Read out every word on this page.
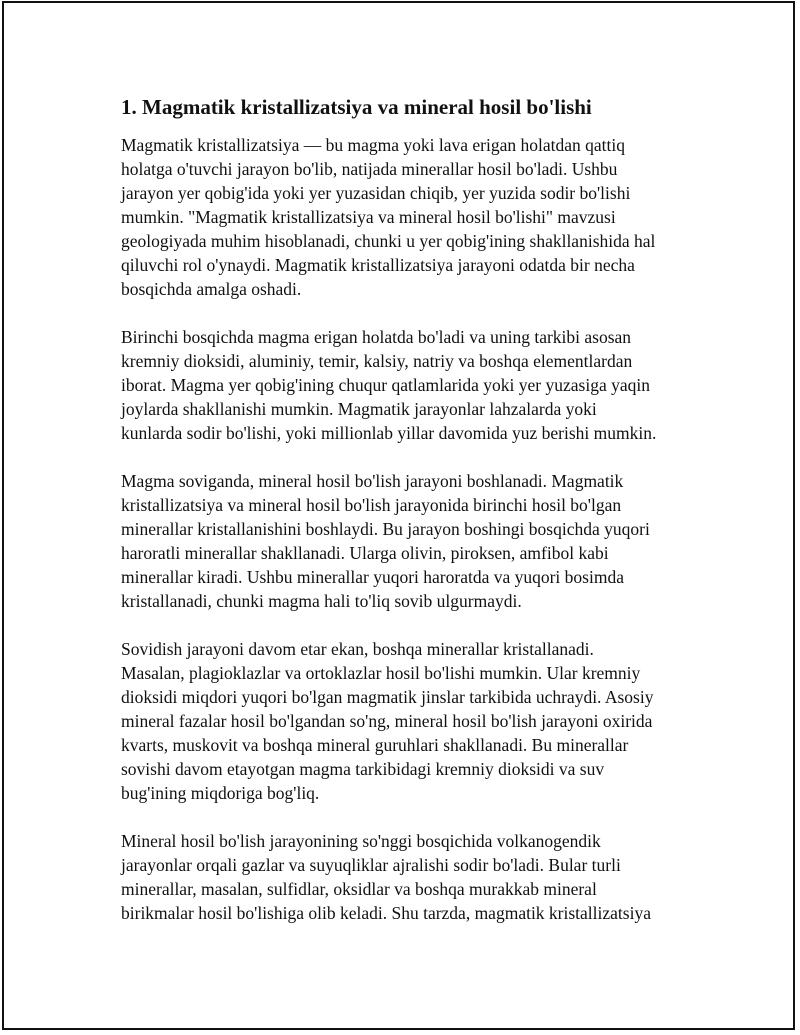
1. Magmatik kristallizatsiya va mineral hosil bo'lishi

Magmatik kristallizatsiya — bu magma yoki lava erigan holatdan qattiq
holatga o'tuvchi jarayon bo'lib, natijada minerallar hosil bo'ladi. Ushbu
jarayon yer qobig'ida yoki yer yuzasidan chiqib, yer yuzida sodir bo'lishi
mumkin. "Magmatik kristallizatsiya va mineral hosil bo'lishi" mavzusi
geologiyada muhim hisoblanadi, chunki u yer qobig'ining shakllanishida hal
qiluvchi rol o'ynaydi. Magmatik kristallizatsiya jarayoni odatda bir necha
bosqichda amalga oshadi.

Birinchi bosqichda magma erigan holatda bo'ladi va uning tarkibi asosan
kremniy dioksidi, aluminiy, temir, kalsiy, natriy va boshqa elementlardan
iborat. Magma yer qobig'ining chuqur qatlamlarida yoki yer yuzasiga yaqin
joylarda shakllanishi mumkin. Magmatik jarayonlar lahzalarda yoki
kunlarda sodir bo'lishi, yoki millionlab yillar davomida yuz berishi mumkin.

Magma soviganda, mineral hosil bo'lish jarayoni boshlanadi. Magmatik
kristallizatsiya va mineral hosil bo'lish jarayonida birinchi hosil bo'lgan
minerallar kristallanishini boshlaydi. Bu jarayon boshingi bosqichda yuqori
haroratli minerallar shakllanadi. Ularga olivin, piroksen, amfibol kabi
minerallar kiradi. Ushbu minerallar yuqori haroratda va yuqori bosimda
kristallanadi, chunki magma hali to'liq sovib ulgurmaydi.

Sovidish jarayoni davom etar ekan, boshqa minerallar kristallanadi.
Masalan, plagioklazlar va ortoklazlar hosil bo'lishi mumkin. Ular kremniy
dioksidi miqdori yuqori bo'lgan magmatik jinslar tarkibida uchraydi. Asosiy
mineral fazalar hosil bo'lgandan so'ng, mineral hosil bo'lish jarayoni oxirida
kvarts, muskovit va boshqa mineral guruhlari shakllanadi. Bu minerallar
sovishi davom etayotgan magma tarkibidagi kremniy dioksidi va suv
bug'ining miqdoriga bog'liq.

Mineral hosil bo'lish jarayonining so'nggi bosqichida volkanogendik
jarayonlar orqali gazlar va suyuqliklar ajralishi sodir bo'ladi. Bular turli
minerallar, masalan, sulfidlar, oksidlar va boshqa murakkab mineral
birikmalar hosil bo'lishiga olib keladi. Shu tarzda, magmatik kristallizatsiya
